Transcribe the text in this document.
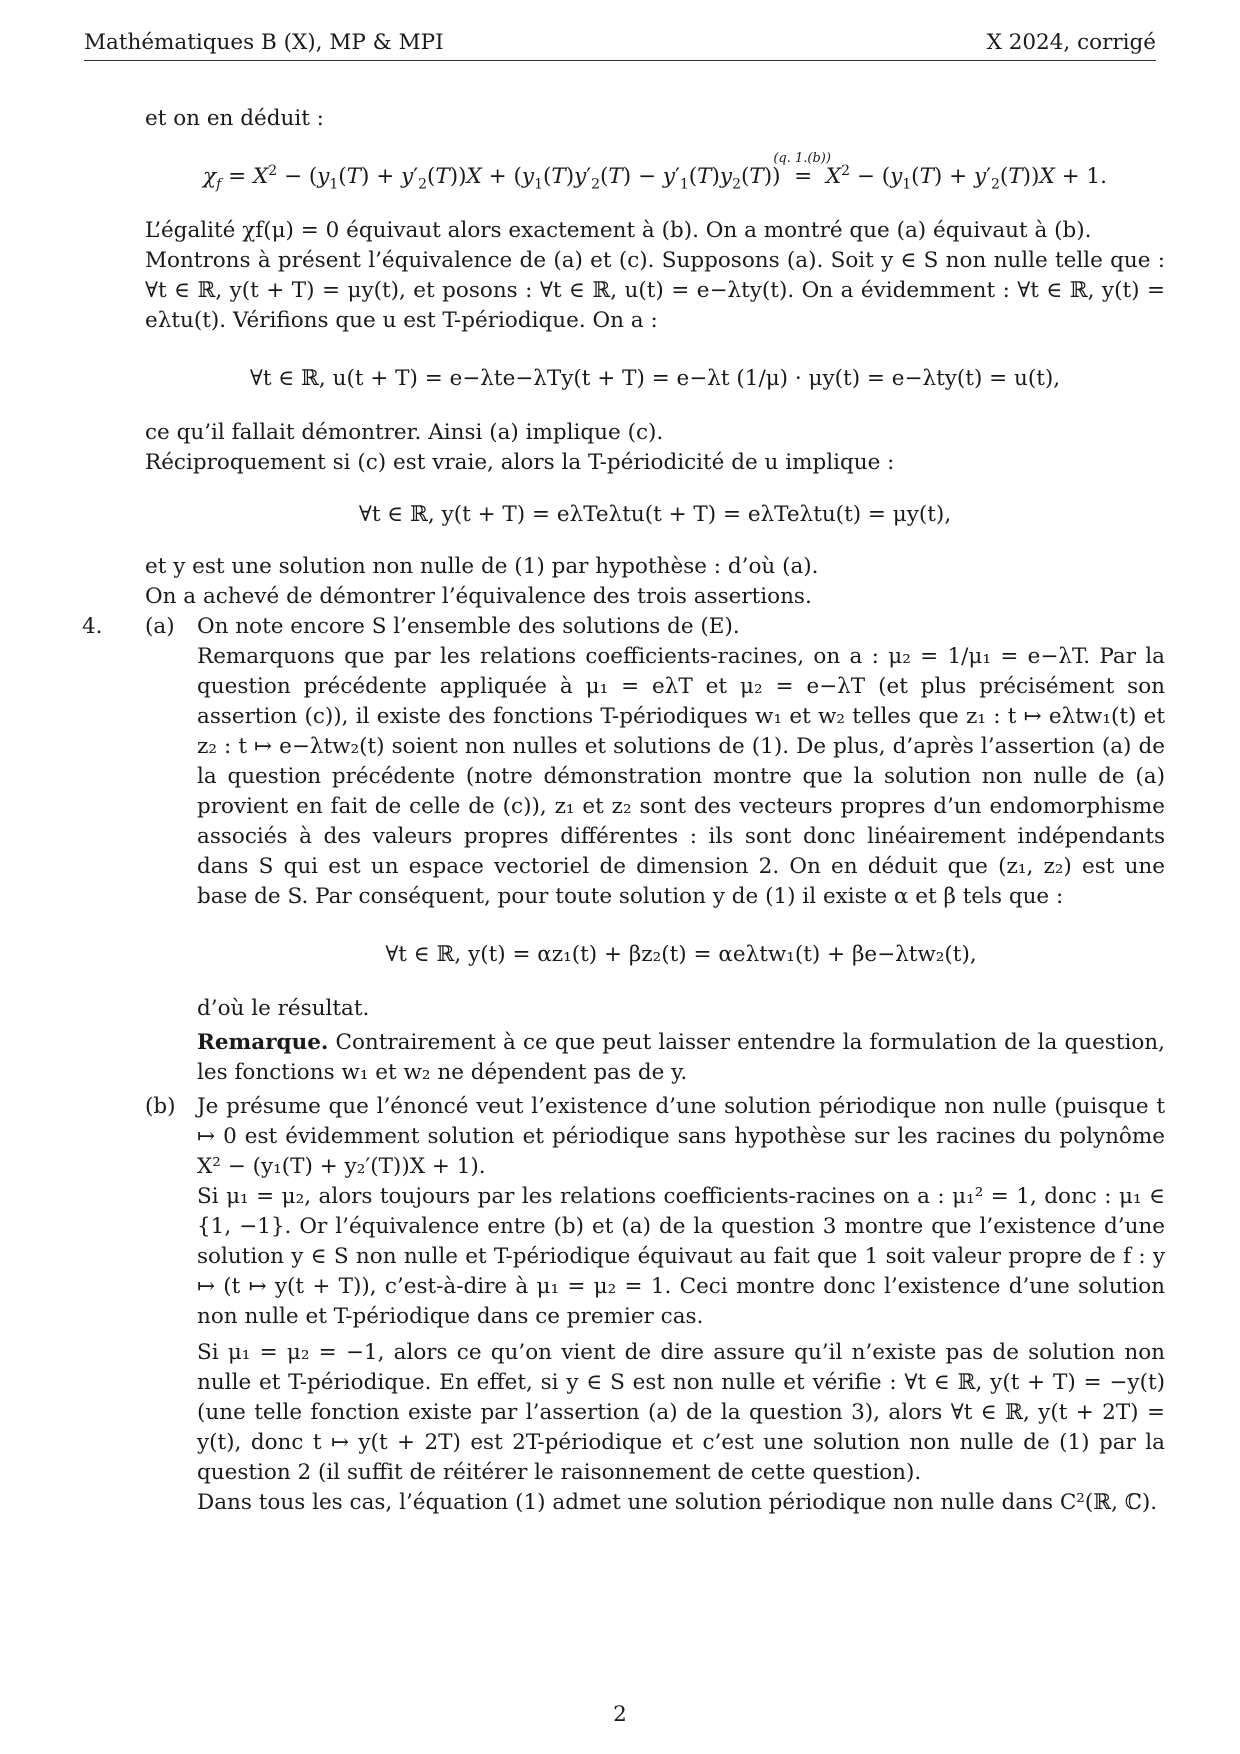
Mathématiques B (X), MP & MPI	X 2024, corrigé

et on en déduit :

$\chi_f = X^2 - (y_1(T) + y'_2(T))X + (y_1(T)y'_2(T) - y'_1(T)y_2(T))$  =
(q. 1.(b))
$X^2 - (y_1(T) + y'_2(T))X + 1$.

L’égalité χf(μ) = 0 équivaut alors exactement à (b). On a montré que (a) équivaut à (b).

Montrons à présent l’équivalence de (a) et (c). Supposons (a). Soit y ∈ S non nulle telle que : ∀t ∈ ℝ, y(t + T) = μy(t), et posons : ∀t ∈ ℝ, u(t) = e−λty(t). On a évidemment : ∀t ∈ ℝ, y(t) = eλtu(t). Vérifions que u est T-périodique. On a :

∀t ∈ ℝ, u(t + T) = e−λte−λTy(t + T) = e−λt (1/μ) · μy(t) = e−λty(t) = u(t),

ce qu’il fallait démontrer. Ainsi (a) implique (c).

Réciproquement si (c) est vraie, alors la T-périodicité de u implique :

∀t ∈ ℝ, y(t + T) = eλTeλtu(t + T) = eλTeλtu(t) = μy(t),

et y est une solution non nulle de (1) par hypothèse : d’où (a).

On a achevé de démontrer l’équivalence des trois assertions.

4. (a) On note encore S l’ensemble des solutions de (E).

Remarquons que par les relations coefficients-racines, on a : μ₂ = 1/μ₁ = e−λT. Par la question précédente appliquée à μ₁ = eλT et μ₂ = e−λT (et plus précisément son assertion (c)), il existe des fonctions T-périodiques w₁ et w₂ telles que z₁ : t ↦ eλtw₁(t) et z₂ : t ↦ e−λtw₂(t) soient non nulles et solutions de (1). De plus, d’après l’assertion (a) de la question précédente (notre démonstration montre que la solution non nulle de (a) provient en fait de celle de (c)), z₁ et z₂ sont des vecteurs propres d’un endomorphisme associés à des valeurs propres différentes : ils sont donc linéairement indépendants dans S qui est un espace vectoriel de dimension 2. On en déduit que (z₁, z₂) est une base de S. Par conséquent, pour toute solution y de (1) il existe α et β tels que :

∀t ∈ ℝ, y(t) = αz₁(t) + βz₂(t) = αeλtw₁(t) + βe−λtw₂(t),

d’où le résultat.

Remarque. Contrairement à ce que peut laisser entendre la formulation de la question, les fonctions w₁ et w₂ ne dépendent pas de y.

(b) Je présume que l’énoncé veut l’existence d’une solution périodique non nulle (puisque t ↦ 0 est évidemment solution et périodique sans hypothèse sur les racines du polynôme X² − (y₁(T) + y₂′(T))X + 1).

Si μ₁ = μ₂, alors toujours par les relations coefficients-racines on a : μ₁² = 1, donc : μ₁ ∈ {1, −1}. Or l’équivalence entre (b) et (a) de la question 3 montre que l’existence d’une solution y ∈ S non nulle et T-périodique équivaut au fait que 1 soit valeur propre de f : y ↦ (t ↦ y(t + T)), c’est-à-dire à μ₁ = μ₂ = 1. Ceci montre donc l’existence d’une solution non nulle et T-périodique dans ce premier cas.

Si μ₁ = μ₂ = −1, alors ce qu’on vient de dire assure qu’il n’existe pas de solution non nulle et T-périodique. En effet, si y ∈ S est non nulle et vérifie : ∀t ∈ ℝ, y(t + T) = −y(t) (une telle fonction existe par l’assertion (a) de la question 3), alors ∀t ∈ ℝ, y(t + 2T) = y(t), donc t ↦ y(t + 2T) est 2T-périodique et c’est une solution non nulle de (1) par la question 2 (il suffit de réitérer le raisonnement de cette question).

Dans tous les cas, l’équation (1) admet une solution périodique non nulle dans C²(ℝ, ℂ).

2
